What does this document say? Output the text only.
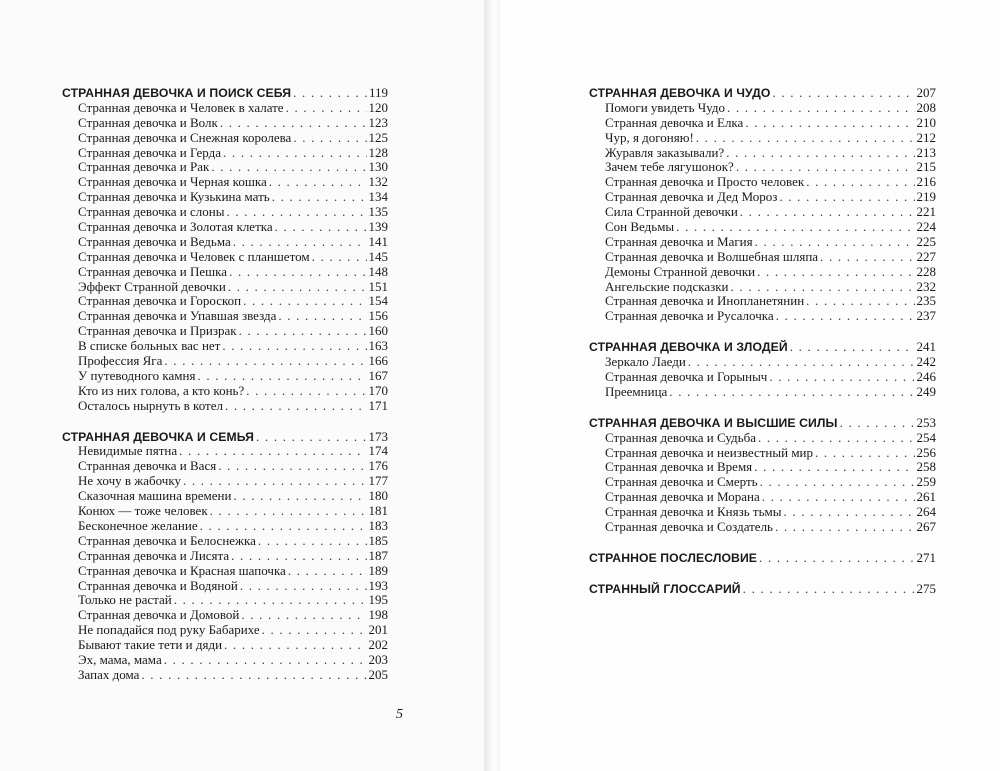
СТРАННАЯ ДЕВОЧКА И ПОИСК СЕБЯ . . .	119
Странная девочка и Человек в халате . . .	120
Странная девочка и Волк . . .	123
Странная девочка и Снежная королева . . .	125
Странная девочка и Герда . . .	128
Странная девочка и Рак . . .	130
Странная девочка и Черная кошка . . .	132
Странная девочка и Кузькина мать . . .	134
Странная девочка и слоны . . .	135
Странная девочка и Золотая клетка . . .	139
Странная девочка и Ведьма . . .	141
Странная девочка и Человек с планшетом . . .	145
Странная девочка и Пешка . . .	148
Эффект Странной девочки . . .	151
Странная девочка и Гороскоп . . .	154
Странная девочка и Упавшая звезда . . .	156
Странная девочка и Призрак . . .	160
В списке больных вас нет . . .	163
Профессия Яга . . .	166
У путеводного камня . . .	167
Кто из них голова, а кто конь? . . .	170
Осталось нырнуть в котел . . .	171
СТРАННАЯ ДЕВОЧКА И СЕМЬЯ . . .	173
Невидимые пятна . . .	174
Странная девочка и Вася . . .	176
Не хочу в жабочку . . .	177
Сказочная машина времени . . .	180
Конюх — тоже человек . . .	181
Бесконечное желание . . .	183
Странная девочка и Белоснежка . . .	185
Странная девочка и Лисята . . .	187
Странная девочка и Красная шапочка . . .	189
Странная девочка и Водяной . . .	193
Только не растай . . .	195
Странная девочка и Домовой . . .	198
Не попадайся под руку Бабарихе . . .	201
Бывают такие тети и дяди . . .	202
Эх, мама, мама . . .	203
Запах дома . . .	205
СТРАННАЯ ДЕВОЧКА И ЧУДО . . .	207
Помоги увидеть Чудо . . .	208
Странная девочка и Елка . . .	210
Чур, я догоняю! . . .	212
Журавля заказывали? . . .	213
Зачем тебе лягушонок? . . .	215
Странная девочка и Просто человек . . .	216
Странная девочка и Дед Мороз . . .	219
Сила Странной девочки . . .	221
Сон Ведьмы . . .	224
Странная девочка и Магия . . .	225
Странная девочка и Волшебная шляпа . . .	227
Демоны Странной девочки . . .	228
Ангельские подсказки . . .	232
Странная девочка и Инопланетянин . . .	235
Странная девочка и Русалочка . . .	237
СТРАННАЯ ДЕВОЧКА И ЗЛОДЕЙ . . .	241
Зеркало Лаеди . . .	242
Странная девочка и Горыныч . . .	246
Преемница . . .	249
СТРАННАЯ ДЕВОЧКА И ВЫСШИЕ СИЛЫ . . .	253
Странная девочка и Судьба . . .	254
Странная девочка и неизвестный мир . . .	256
Странная девочка и Время . . .	258
Странная девочка и Смерть . . .	259
Странная девочка и Морана . . .	261
Странная девочка и Князь тьмы . . .	264
Странная девочка и Создатель . . .	267
СТРАННОЕ ПОСЛЕСЛОВИЕ . . .	271
СТРАННЫЙ ГЛОССАРИЙ . . .	275
5
